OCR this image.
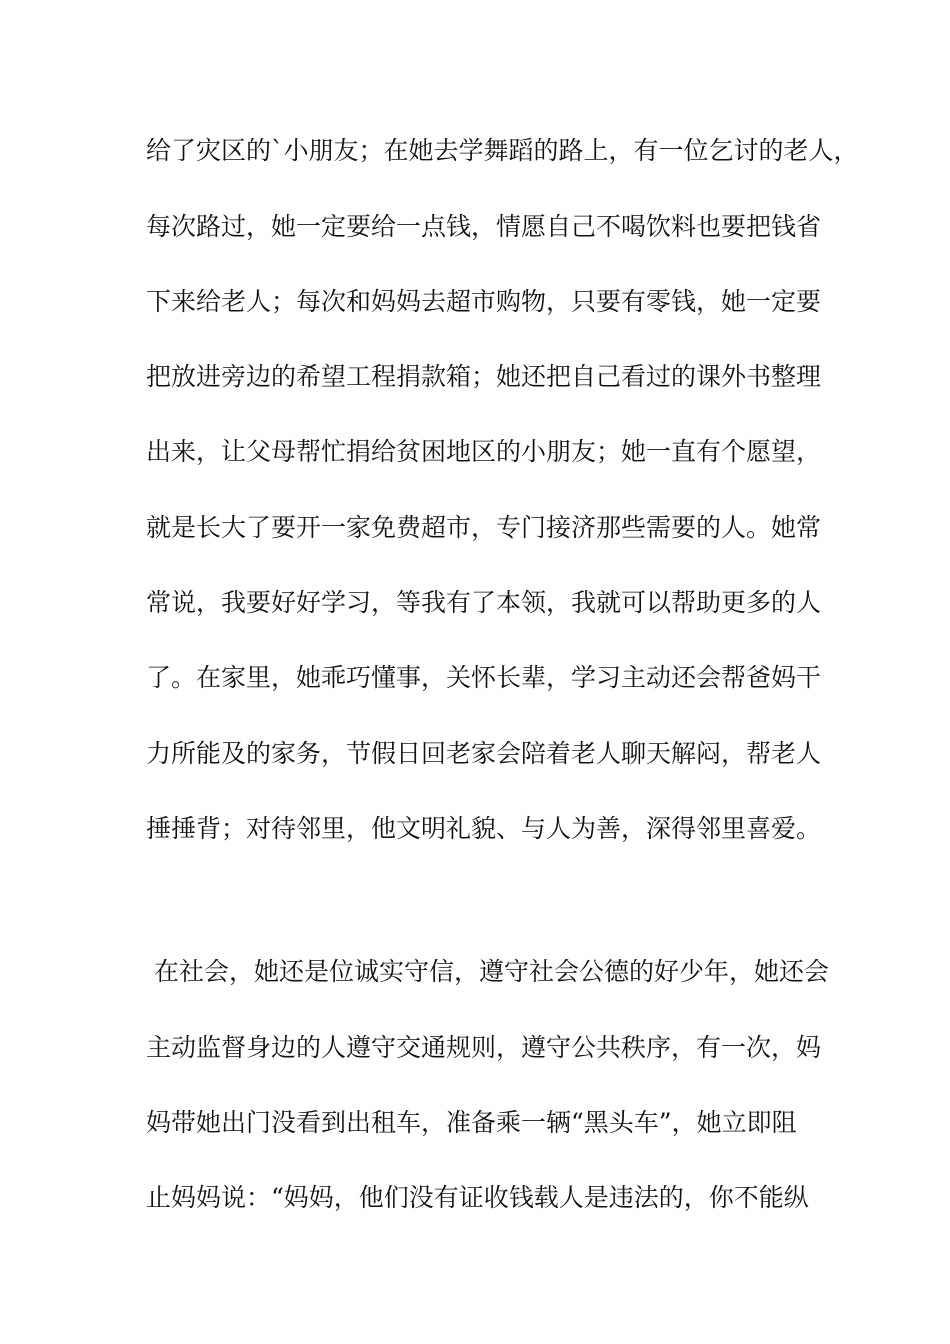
给了灾区的`小朋友；在她去学舞蹈的路上，有一位乞讨的老人，
每次路过，她一定要给一点钱，情愿自己不喝饮料也要把钱省
下来给老人；每次和妈妈去超市购物，只要有零钱，她一定要
把放进旁边的希望工程捐款箱；她还把自己看过的课外书整理
出来，让父母帮忙捐给贫困地区的小朋友；她一直有个愿望，
就是长大了要开一家免费超市，专门接济那些需要的人。她常
常说，我要好好学习，等我有了本领，我就可以帮助更多的人
了。在家里，她乖巧懂事，关怀长辈，学习主动还会帮爸妈干
力所能及的家务，节假日回老家会陪着老人聊天解闷，帮老人
捶捶背；对待邻里，他文明礼貌、与人为善，深得邻里喜爱。
在社会，她还是位诚实守信，遵守社会公德的好少年，她还会
主动监督身边的人遵守交通规则，遵守公共秩序，有一次，妈
妈带她出门没看到出租车，准备乘一辆“黑头车”，她立即阻
止妈妈说：“妈妈，他们没有证收钱载人是违法的，你不能纵
